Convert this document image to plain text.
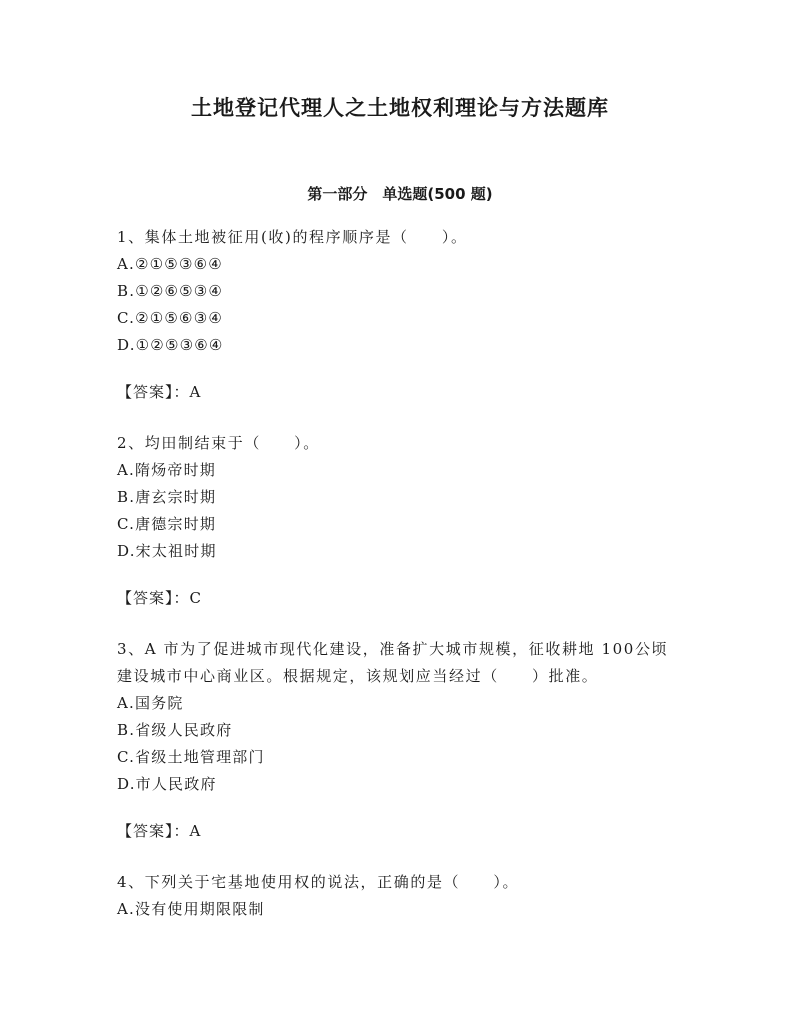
土地登记代理人之土地权利理论与方法题库
第一部分　单选题(500 题)

1、集体土地被征用(收)的程序顺序是（　　）。

A.②①⑤③⑥④

B.①②⑥⑤③④

C.②①⑤⑥③④

D.①②⑤③⑥④

【答案】：A

2、均田制结束于（　　）。

A.隋炀帝时期

B.唐玄宗时期

C.唐德宗时期

D.宋太祖时期

【答案】：C

3、A 市为了促进城市现代化建设，准备扩大城市规模，征收耕地 100公顷建设城市中心商业区。根据规定，该规划应当经过（　　）批准。

A.国务院

B.省级人民政府

C.省级土地管理部门

D.市人民政府

【答案】：A

4、下列关于宅基地使用权的说法，正确的是（　　）。

A.没有使用期限限制
